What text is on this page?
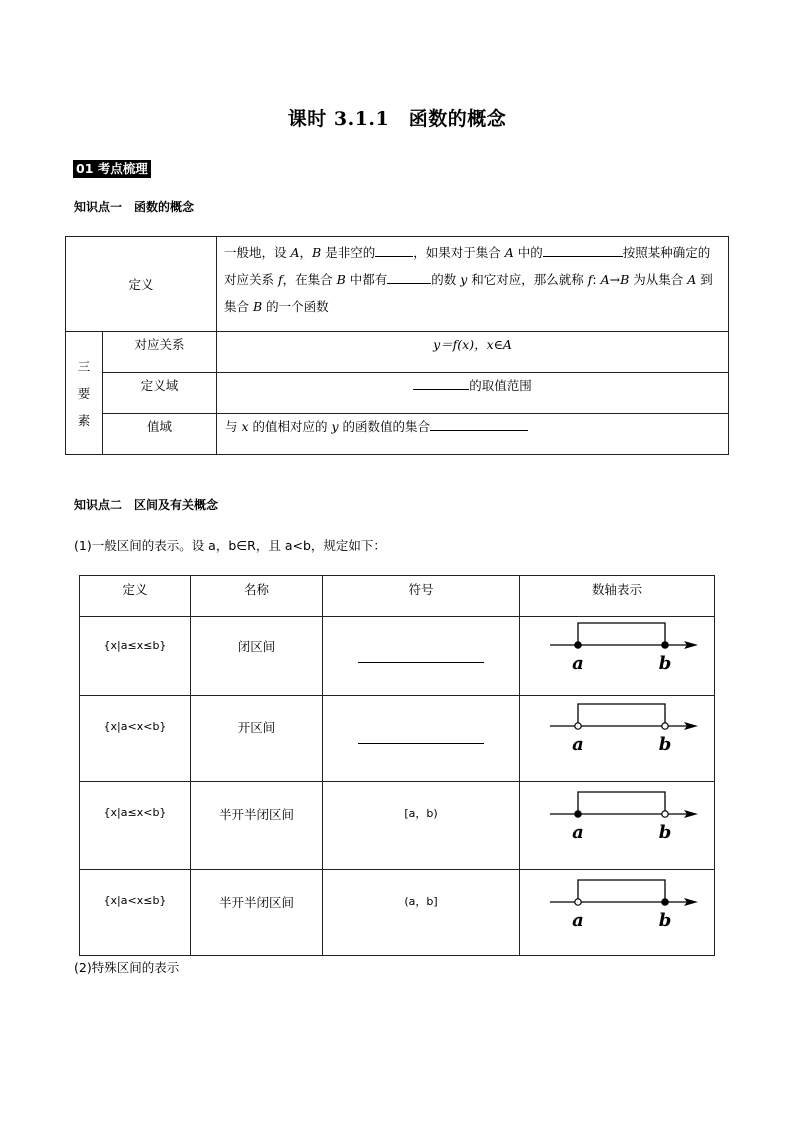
课时 3.1.1　函数的概念
01 考点梳理
知识点一　函数的概念
定义		一般地，设 A，B 是非空的 ，如果对于集合 A 中的 按照某种确定的对应关系 f，在集合 B 中都有 的数 y 和它对应，那么就称 f: A→B 为从集合 A 到集合 B 的一个函数

三
要
素	对应关系	y＝f(x)，x∈A
	定义域	的取值范围
	值域	与 x 的值相对应的 y 的函数值的集合
知识点二　区间及有关概念
(1)一般区间的表示。设 a，b∈R，且 a<b，规定如下：
定义	名称	符号	数轴表示
{x|a≤x≤b}	闭区间		a b

{x|a<x<b}	开区间		a b

{x|a≤x<b}	半开半闭区间	[a，b)	a b

{x|a<x≤b}	半开半闭区间	(a，b]	a b
(2)特殊区间的表示
